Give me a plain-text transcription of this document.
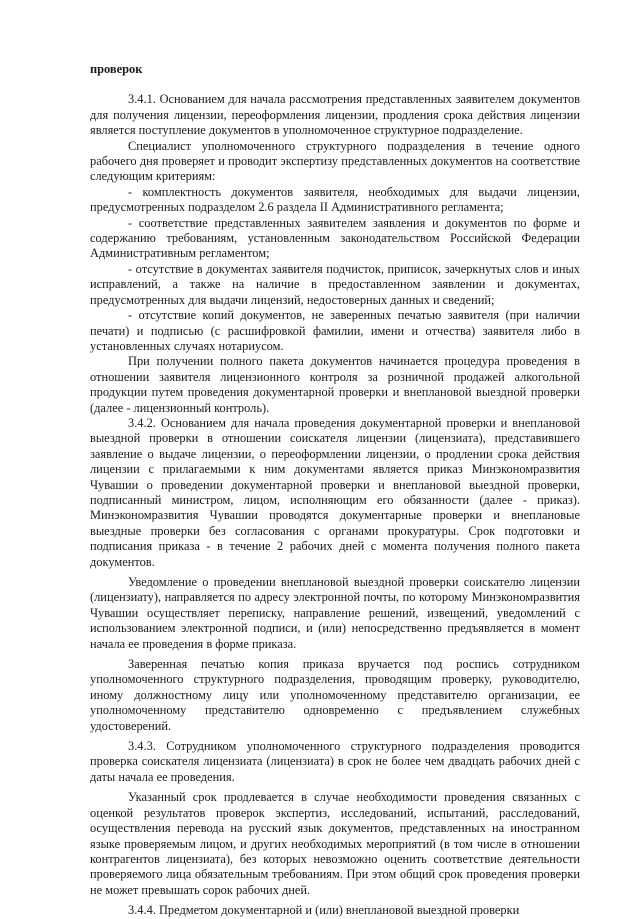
проверок

3.4.1. Основанием для начала рассмотрения представленных заявителем документов для получения лицензии, переоформления лицензии, продления срока действия лицензии является поступление документов в уполномоченное структурное подразделение.

Специалист уполномоченного структурного подразделения в течение одного рабочего дня проверяет и проводит экспертизу представленных документов на соответствие следующим критериям:

- комплектность документов заявителя, необходимых для выдачи лицензии, предусмотренных подразделом 2.6 раздела II Административного регламента;

- соответствие представленных заявителем заявления и документов по форме и содержанию требованиям, установленным законодательством Российской Федерации Административным регламентом;

- отсутствие в документах заявителя подчисток, приписок, зачеркнутых слов и иных исправлений, а также на наличие в предоставленном заявлении и документах, предусмотренных для выдачи лицензий, недостоверных данных и сведений;

- отсутствие копий документов, не заверенных печатью заявителя (при наличии печати) и подписью (с расшифровкой фамилии, имени и отчества) заявителя либо в установленных случаях нотариусом.

При получении полного пакета документов начинается процедура проведения в отношении заявителя лицензионного контроля за розничной продажей алкогольной продукции путем проведения документарной проверки и внеплановой выездной проверки (далее - лицензионный контроль).

3.4.2. Основанием для начала проведения документарной проверки и внеплановой выездной проверки в отношении соискателя лицензии (лицензиата), представившего заявление о выдаче лицензии, о переоформлении лицензии, о продлении срока действия лицензии с прилагаемыми к ним документами является приказ Минэкономразвития Чувашии о проведении документарной проверки и внеплановой выездной проверки, подписанный министром, лицом, исполняющим его обязанности (далее - приказ). Минэкономразвития Чувашии проводятся документарные проверки и внеплановые выездные проверки без согласования с органами прокуратуры. Срок подготовки и подписания приказа - в течение 2 рабочих дней с момента получения полного пакета документов.

Уведомление о проведении внеплановой выездной проверки соискателю лицензии (лицензиату), направляется по адресу электронной почты, по которому Минэкономразвития Чувашии осуществляет переписку, направление решений, извещений, уведомлений с использованием электронной подписи, и (или) непосредственно предъявляется в момент начала ее проведения в форме приказа.

Заверенная печатью копия приказа вручается под роспись сотрудником уполномоченного структурного подразделения, проводящим проверку, руководителю, иному должностному лицу или уполномоченному представителю организации, ее уполномоченному представителю одновременно с предъявлением служебных удостоверений.

3.4.3. Сотрудником уполномоченного структурного подразделения проводится проверка соискателя лицензиата (лицензиата) в срок не более чем двадцать рабочих дней с даты начала ее проведения.

Указанный срок продлевается в случае необходимости проведения связанных с оценкой результатов проверок экспертиз, исследований, испытаний, расследований, осуществления перевода на русский язык документов, представленных на иностранном языке проверяемым лицом, и других необходимых мероприятий (в том числе в отношении контрагентов лицензиата), без которых невозможно оценить соответствие деятельности проверяемого лица обязательным требованиям. При этом общий срок проведения проверки не может превышать сорок рабочих дней.

3.4.4. Предметом документарной и (или) внеплановой выездной проверки
